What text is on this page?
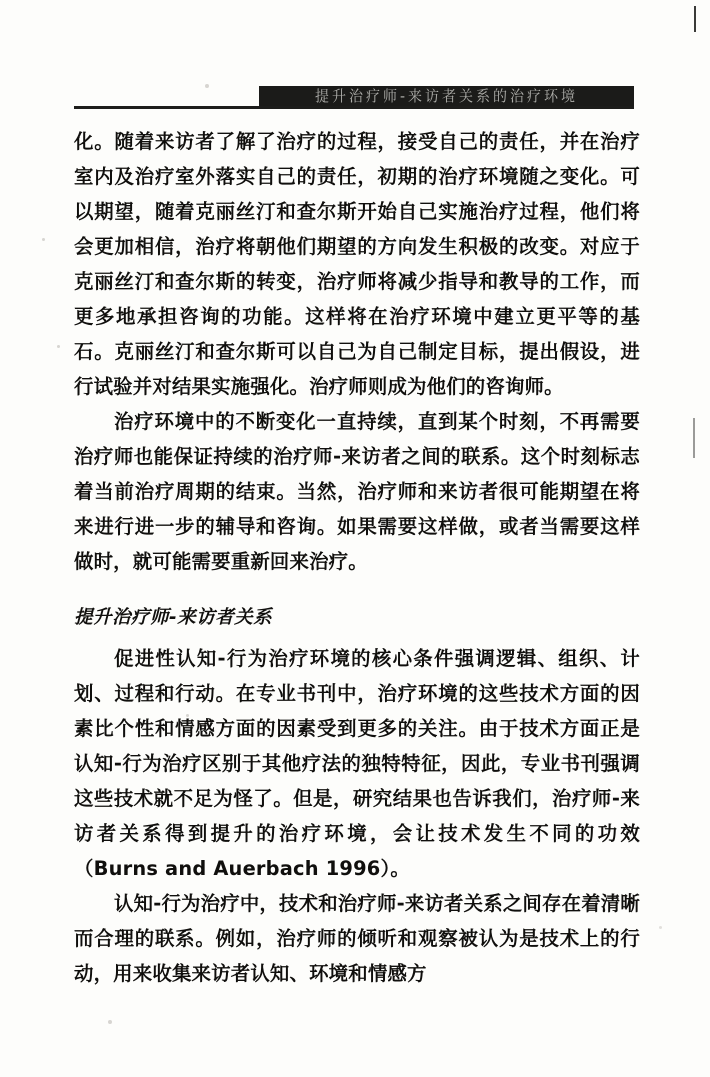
提升治疗师-来访者关系的治疗环境

化。随着来访者了解了治疗的过程，接受自己的责任，并在治疗室内及治疗室外落实自己的责任，初期的治疗环境随之变化。可以期望，随着克丽丝汀和查尔斯开始自己实施治疗过程，他们将会更加相信，治疗将朝他们期望的方向发生积极的改变。对应于克丽丝汀和查尔斯的转变，治疗师将减少指导和教导的工作，而更多地承担咨询的功能。这样将在治疗环境中建立更平等的基石。克丽丝汀和查尔斯可以自己为自己制定目标，提出假设，进行试验并对结果实施强化。治疗师则成为他们的咨询师。

治疗环境中的不断变化一直持续，直到某个时刻，不再需要治疗师也能保证持续的治疗师-来访者之间的联系。这个时刻标志着当前治疗周期的结束。当然，治疗师和来访者很可能期望在将来进行进一步的辅导和咨询。如果需要这样做，或者当需要这样做时，就可能需要重新回来治疗。

提升治疗师-来访者关系

促进性认知-行为治疗环境的核心条件强调逻辑、组织、计划、过程和行动。在专业书刊中，治疗环境的这些技术方面的因素比个性和情感方面的因素受到更多的关注。由于技术方面正是认知-行为治疗区别于其他疗法的独特特征，因此，专业书刊强调这些技术就不足为怪了。但是，研究结果也告诉我们，治疗师-来访者关系得到提升的治疗环境，会让技术发生不同的功效（Burns and Auerbach 1996）。

认知-行为治疗中，技术和治疗师-来访者关系之间存在着清晰而合理的联系。例如，治疗师的倾听和观察被认为是技术上的行动，用来收集来访者认知、环境和情感方
